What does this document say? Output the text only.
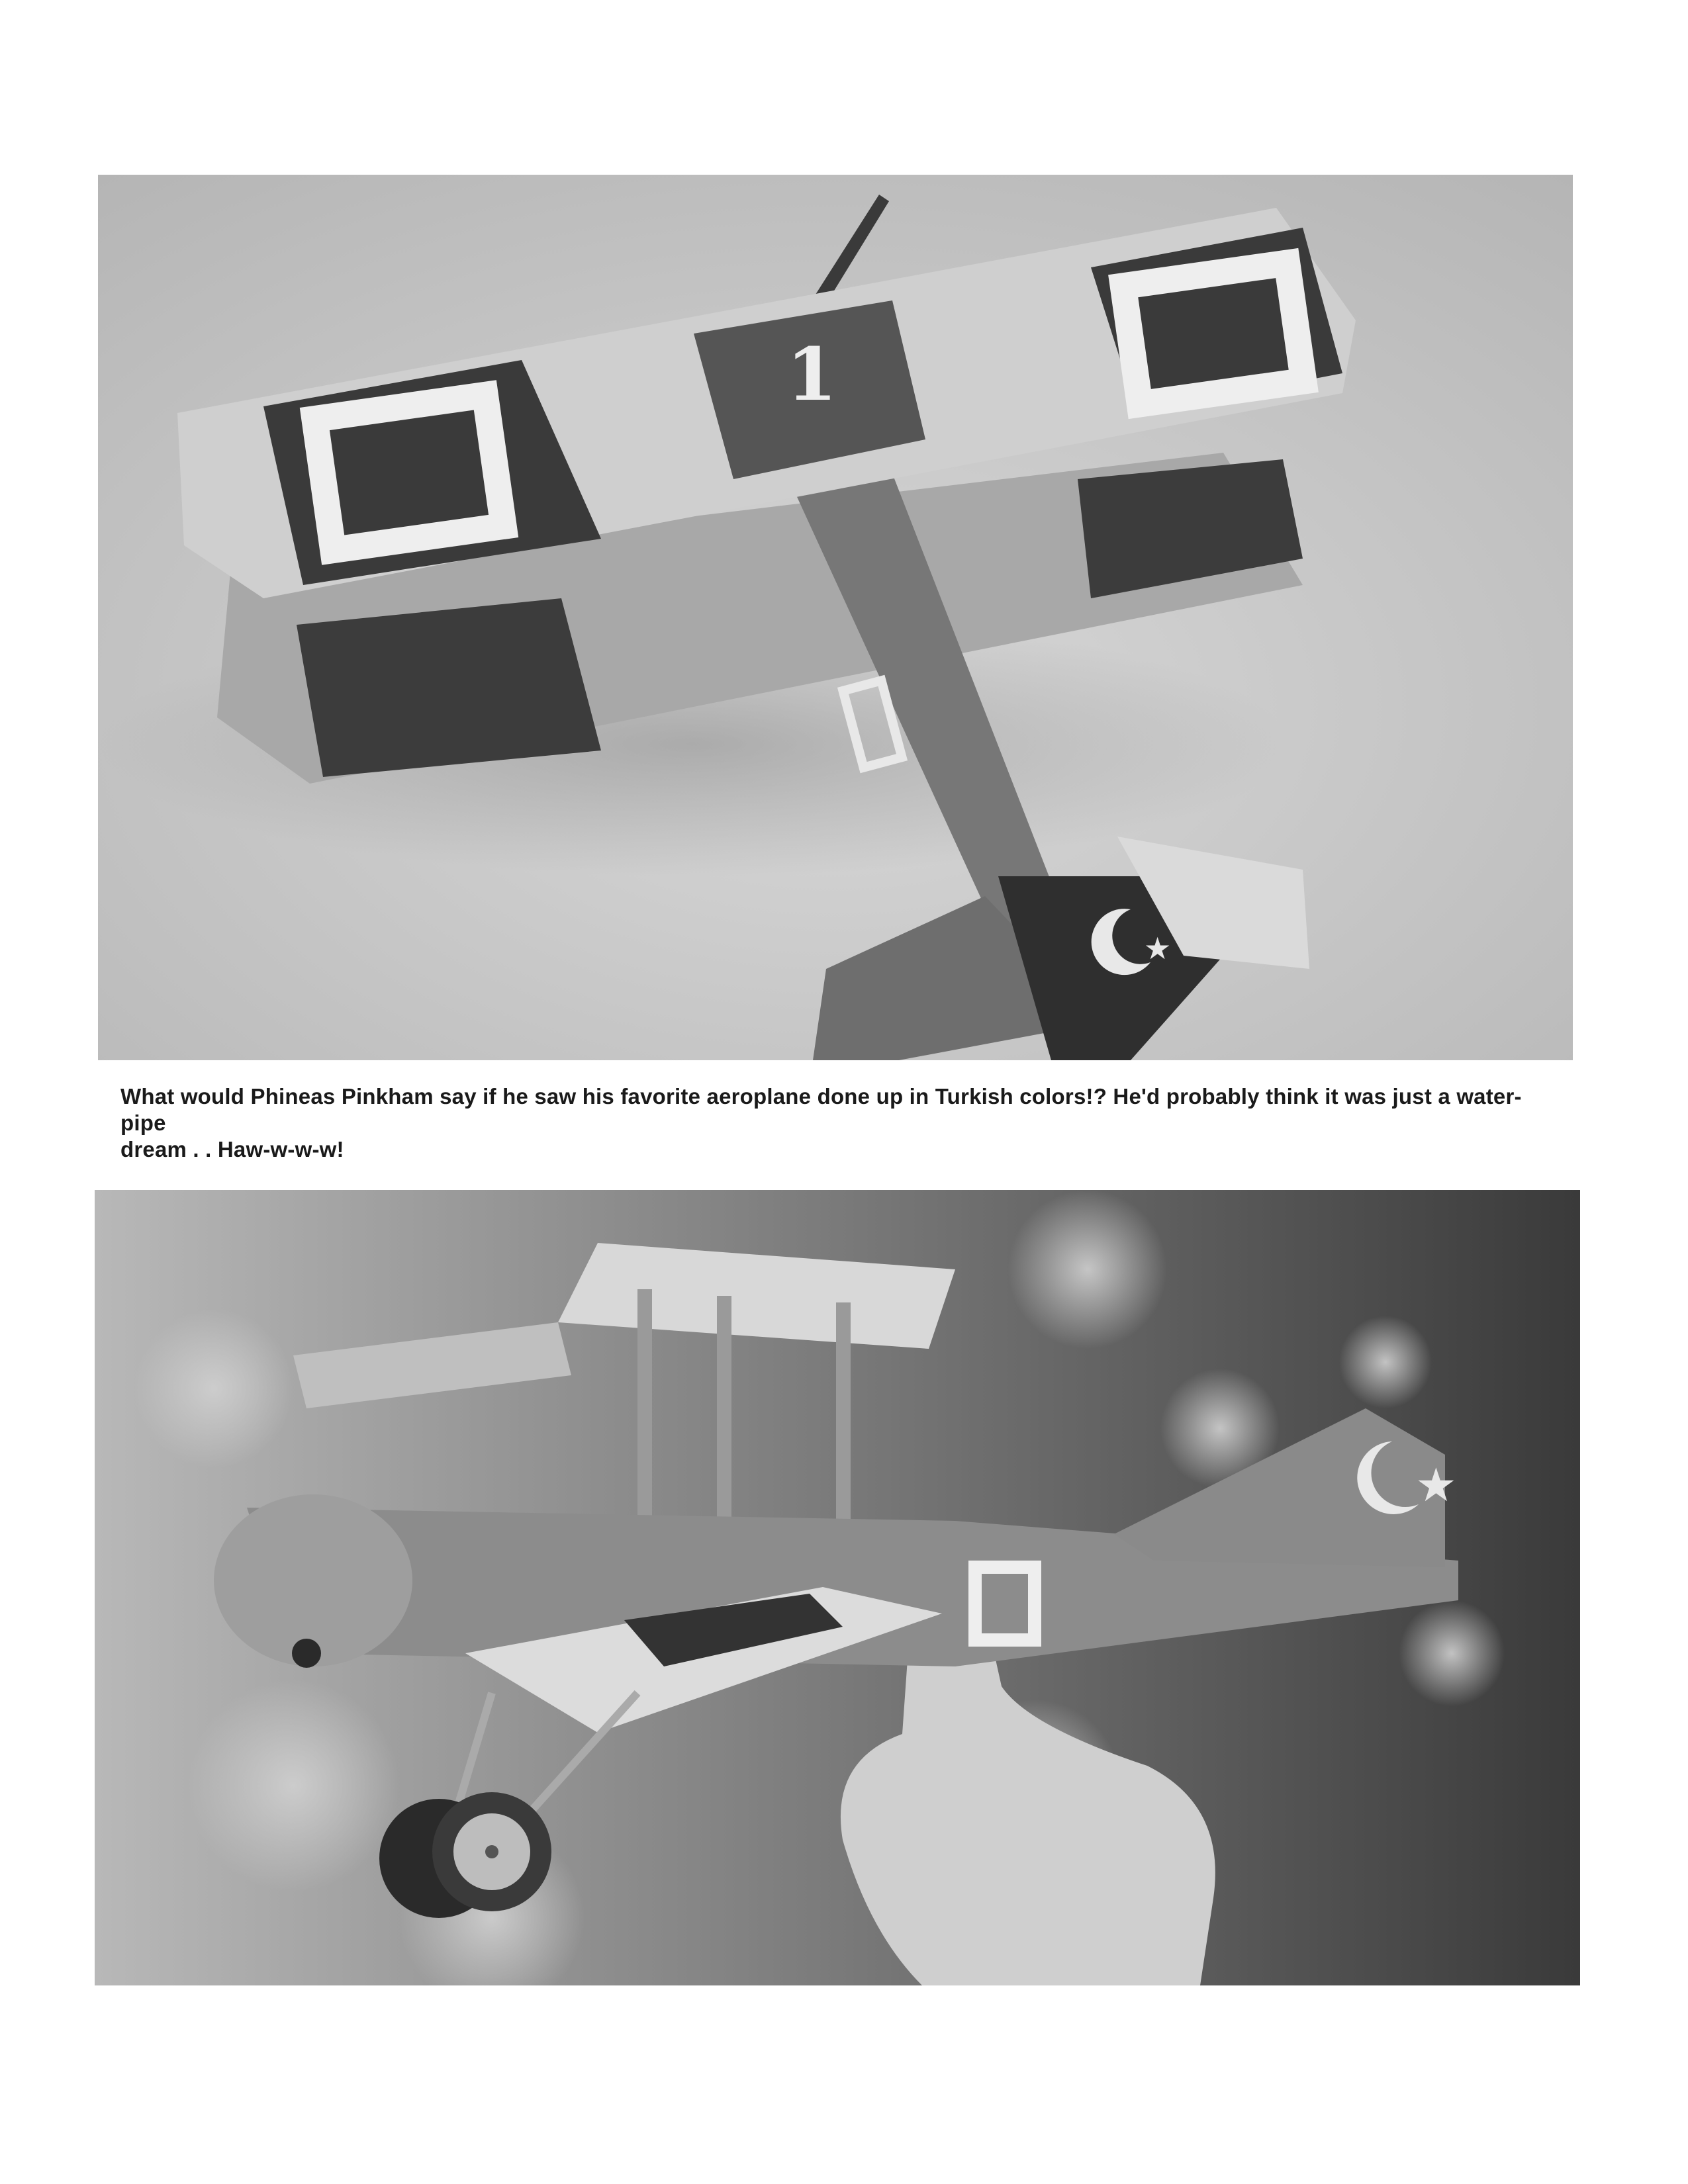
★
1
What would Phineas Pinkham say if he saw his favorite aeroplane done up in Turkish colors!? He'd probably think it was just a water-pipe
dream . . Haw-w-w-w!
★
